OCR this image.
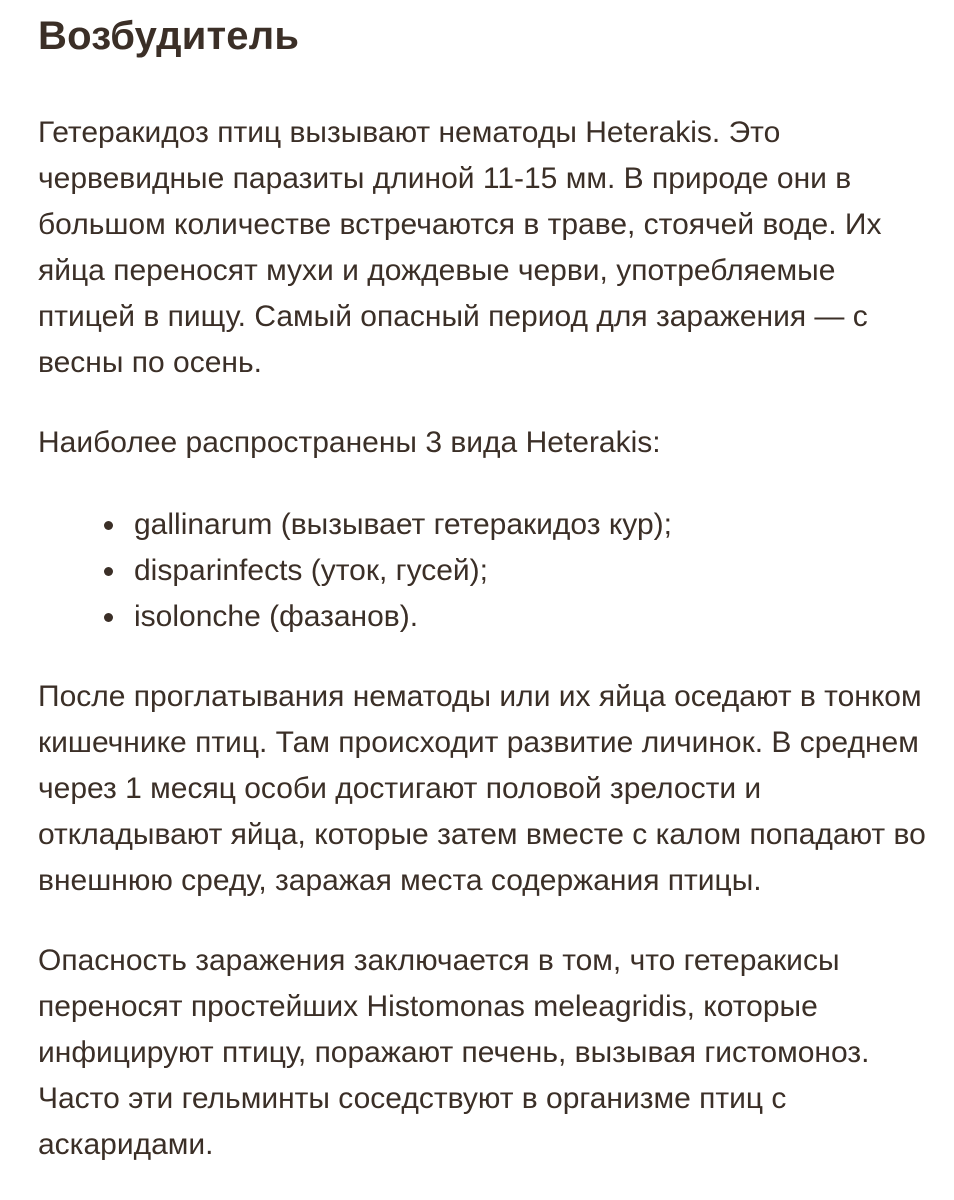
Возбудитель

Гетеракидоз птиц вызывают нематоды Heterakis. Это червевидные паразиты длиной 11-15 мм. В природе они в большом количестве встречаются в траве, стоячей воде. Их яйца переносят мухи и дождевые черви, употребляемые птицей в пищу. Самый опасный период для заражения — с весны по осень.

Наиболее распространены 3 вида Heterakis:

gallinarum (вызывает гетеракидоз кур);
disparinfects (уток, гусей);
isolonche (фазанов).

После проглатывания нематоды или их яйца оседают в тонком кишечнике птиц. Там происходит развитие личинок. В среднем через 1 месяц особи достигают половой зрелости и откладывают яйца, которые затем вместе с калом попадают во внешнюю среду, заражая места содержания птицы.

Опасность заражения заключается в том, что гетеракисы переносят простейших Histomonas meleagridis, которые инфицируют птицу, поражают печень, вызывая гистомоноз. Часто эти гельминты соседствуют в организме птиц с аскаридами.
